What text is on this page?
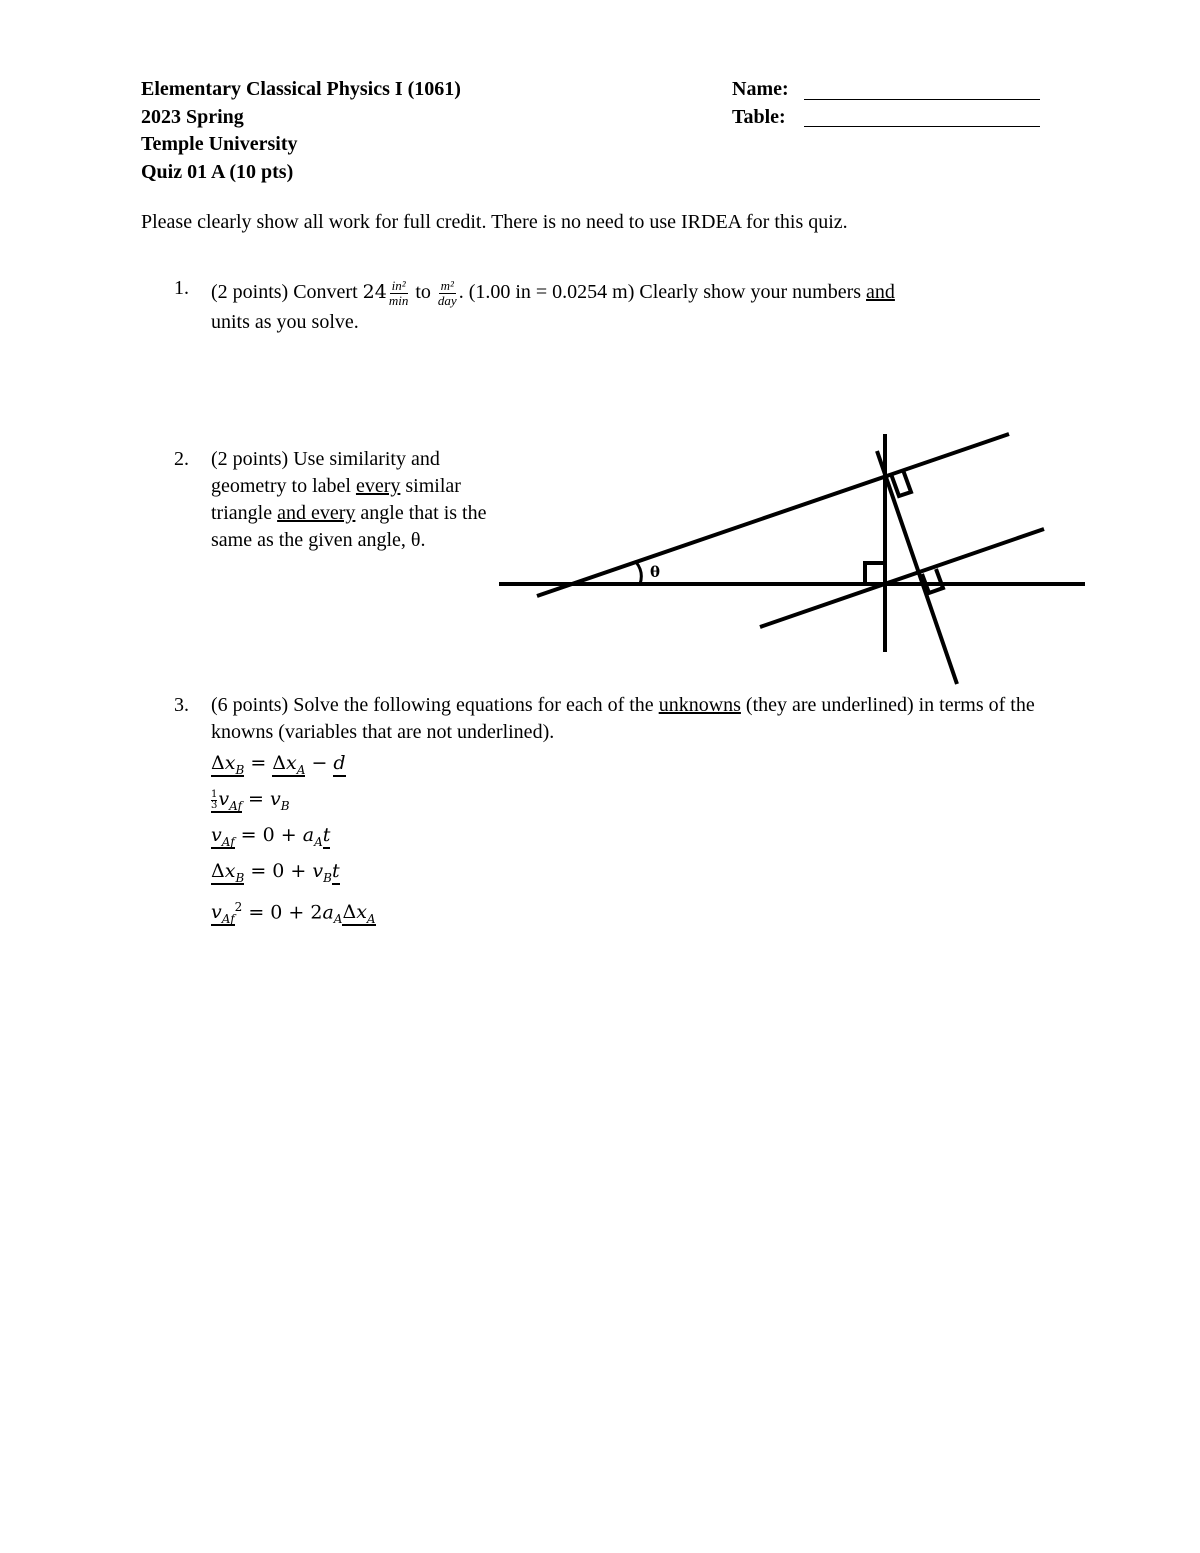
Elementary Classical Physics I (1061)
2023 Spring
Temple University
Quiz 01 A (10 pts)
Name:
Table:
Please clearly show all work for full credit. There is no need to use IRDEA for this quiz.
1. (2 points) Convert $24 \frac{\text{in²}}{\min}$ to $\frac{\text{m²}}{\text{day}}$ . (1.00 in = 0.0254 m) Clearly show your numbers and
units as you solve.
2. (2 points) Use similarity and geometry to label every similar triangle and every angle that is the same as the given angle, θ.
θ
3. (6 points) Solve the following equations for each of the unknowns (they are underlined) in terms of the knowns (variables that are not underlined).
$\Delta x_B = \Delta x_A - d$
$\frac{1}{3} v_{Af} = v_B$
$v_{Af} = 0 + a_At$
$\Delta x_B = 0 + v_Bt$
$v_{Af}^2 = 0 + 2a_A\Delta x_A$
